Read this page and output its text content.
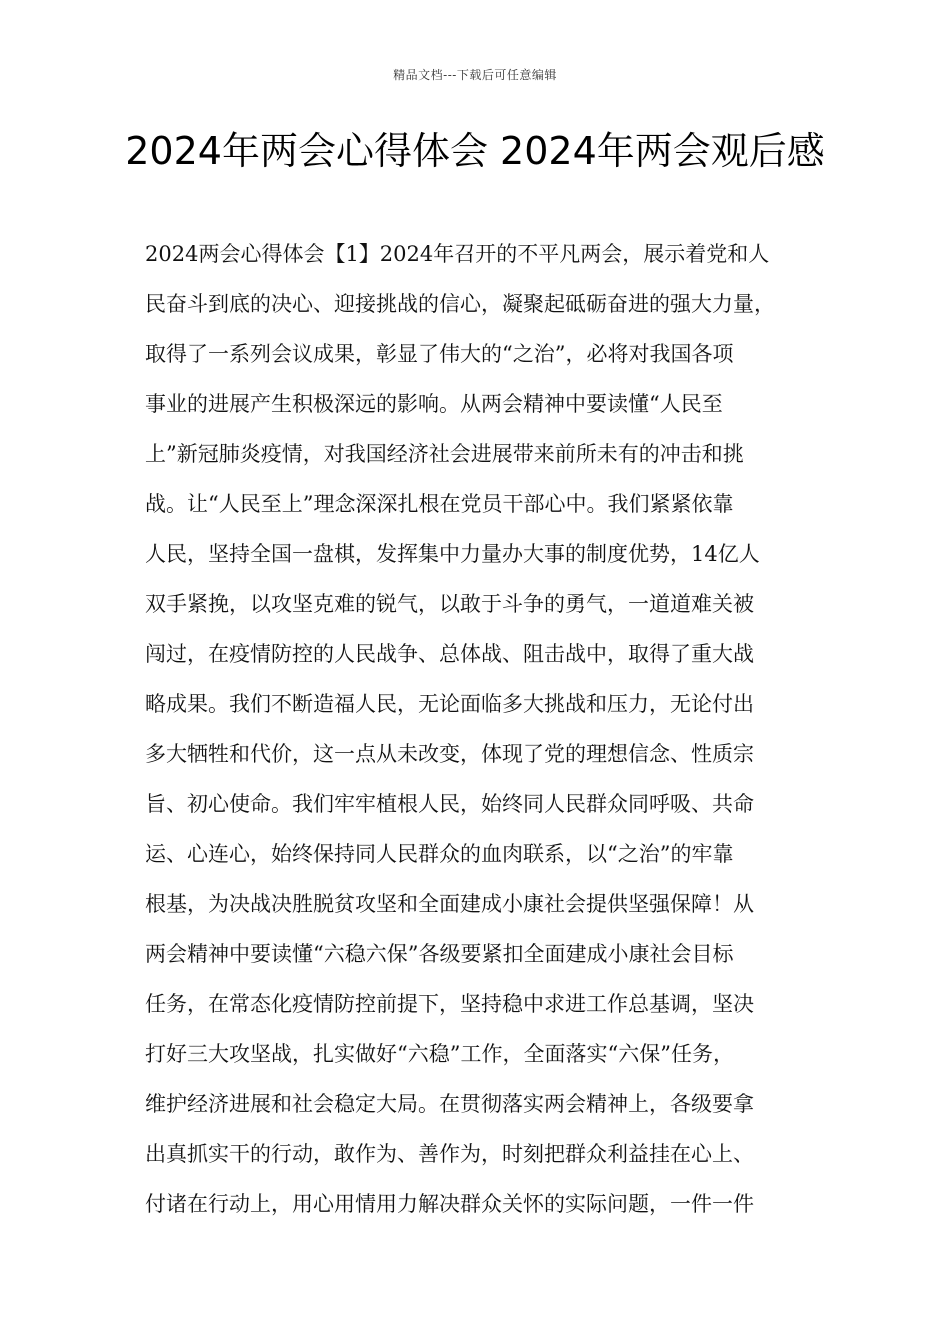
精品文档---下载后可任意编辑
2024年两会心得体会 2024年两会观后感
2024两会心得体会【1】2024年召开的不平凡两会，展示着党和人
民奋斗到底的决心、迎接挑战的信心，凝聚起砥砺奋进的强大力量，
取得了一系列会议成果，彰显了伟大的“之治”，必将对我国各项
事业的进展产生积极深远的影响。从两会精神中要读懂“人民至
上”新冠肺炎疫情，对我国经济社会进展带来前所未有的冲击和挑
战。让“人民至上”理念深深扎根在党员干部心中。我们紧紧依靠
人民，坚持全国一盘棋，发挥集中力量办大事的制度优势，14亿人
双手紧挽，以攻坚克难的锐气，以敢于斗争的勇气，一道道难关被
闯过，在疫情防控的人民战争、总体战、阻击战中，取得了重大战
略成果。我们不断造福人民，无论面临多大挑战和压力，无论付出
多大牺牲和代价，这一点从未改变，体现了党的理想信念、性质宗
旨、初心使命。我们牢牢植根人民，始终同人民群众同呼吸、共命
运、心连心，始终保持同人民群众的血肉联系，以“之治”的牢靠
根基，为决战决胜脱贫攻坚和全面建成小康社会提供坚强保障！从
两会精神中要读懂“六稳六保”各级要紧扣全面建成小康社会目标
任务，在常态化疫情防控前提下，坚持稳中求进工作总基调，坚决
打好三大攻坚战，扎实做好“六稳”工作，全面落实“六保”任务，
维护经济进展和社会稳定大局。在贯彻落实两会精神上，各级要拿
出真抓实干的行动，敢作为、善作为，时刻把群众利益挂在心上、
付诸在行动上，用心用情用力解决群众关怀的实际问题，一件一件
